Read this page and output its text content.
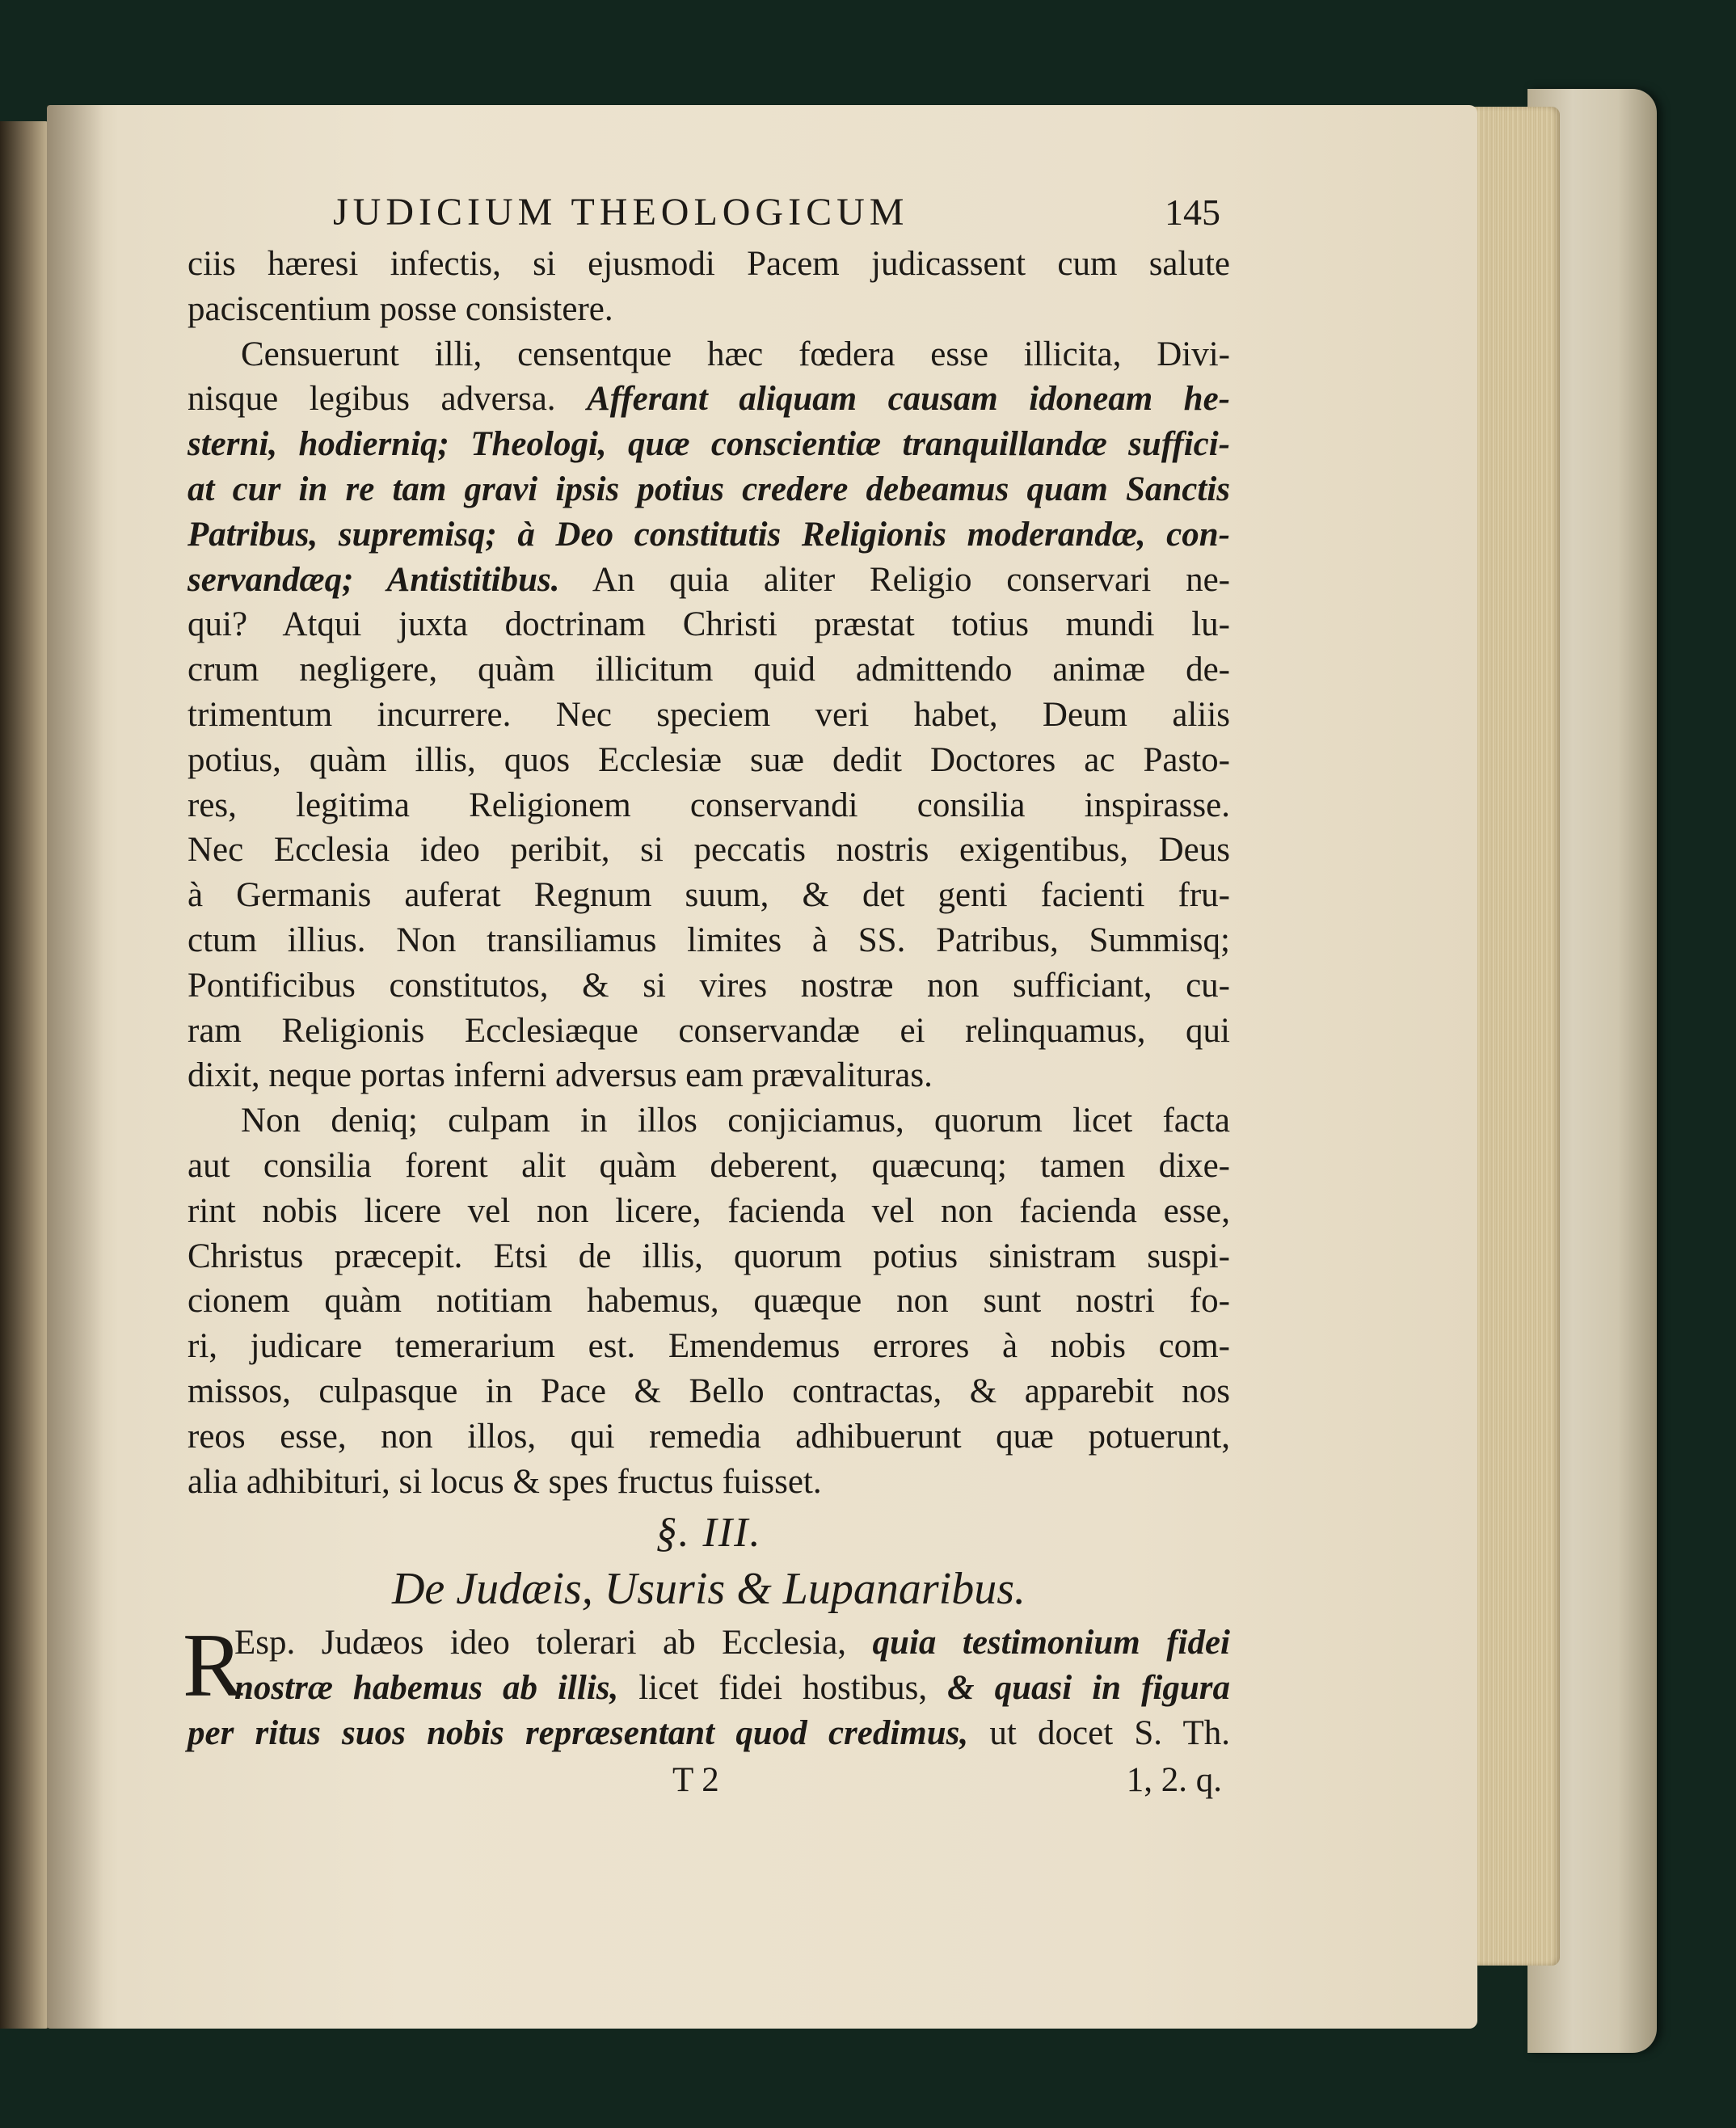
JUDICIUM THEOLOGICUM	145
ciis hæresi infectis, si ejusmodi Pacem judicassent cum salute
paciscentium posse consistere.
Censuerunt illi, censentque hæc fœdera esse illicita, Divi-
nisque legibus adversa. Afferant aliquam causam idoneam he-
sterni, hodierniq; Theologi, quæ conscientiæ tranquillandæ suffici-
at cur in re tam gravi ipsis potius credere debeamus quam Sanctis
Patribus, supremisq; à Deo constitutis Religionis moderandæ, con-
servandæq; Antistitibus. An quia aliter Religio conservari ne-
qui? Atqui juxta doctrinam Christi præstat totius mundi lu-
crum negligere, quàm illicitum quid admittendo animæ de-
trimentum incurrere. Nec speciem veri habet, Deum aliis
potius, quàm illis, quos Ecclesiæ suæ dedit Doctores ac Pasto-
res, legitima Religionem conservandi consilia inspirasse.
Nec Ecclesia ideo peribit, si peccatis nostris exigentibus, Deus
à Germanis auferat Regnum suum, & det genti facienti fru-
ctum illius. Non transiliamus limites à SS. Patribus, Summisq;
Pontificibus constitutos, & si vires nostræ non sufficiant, cu-
ram Religionis Ecclesiæque conservandæ ei relinquamus, qui
dixit, neque portas inferni adversus eam prævalituras.
Non deniq; culpam in illos conjiciamus, quorum licet facta
aut consilia forent alit quàm deberent, quæcunq; tamen dixe-
rint nobis licere vel non licere, facienda vel non facienda esse,
Christus præcepit. Etsi de illis, quorum potius sinistram suspi-
cionem quàm notitiam habemus, quæque non sunt nostri fo-
ri, judicare temerarium est. Emendemus errores à nobis com-
missos, culpasque in Pace & Bello contractas, & apparebit nos
reos esse, non illos, qui remedia adhibuerunt quæ potuerunt,
alia adhibituri, si locus & spes fructus fuisset.
§. III.
De Judæis, Usuris & Lupanaribus.
R
Esp. Judæos ideo tolerari ab Ecclesia, quia testimonium fidei
nostræ habemus ab illis, licet fidei hostibus, & quasi in figura
per ritus suos nobis repræsentant quod credimus, ut docet S. Th.
T 2	1, 2. q.
